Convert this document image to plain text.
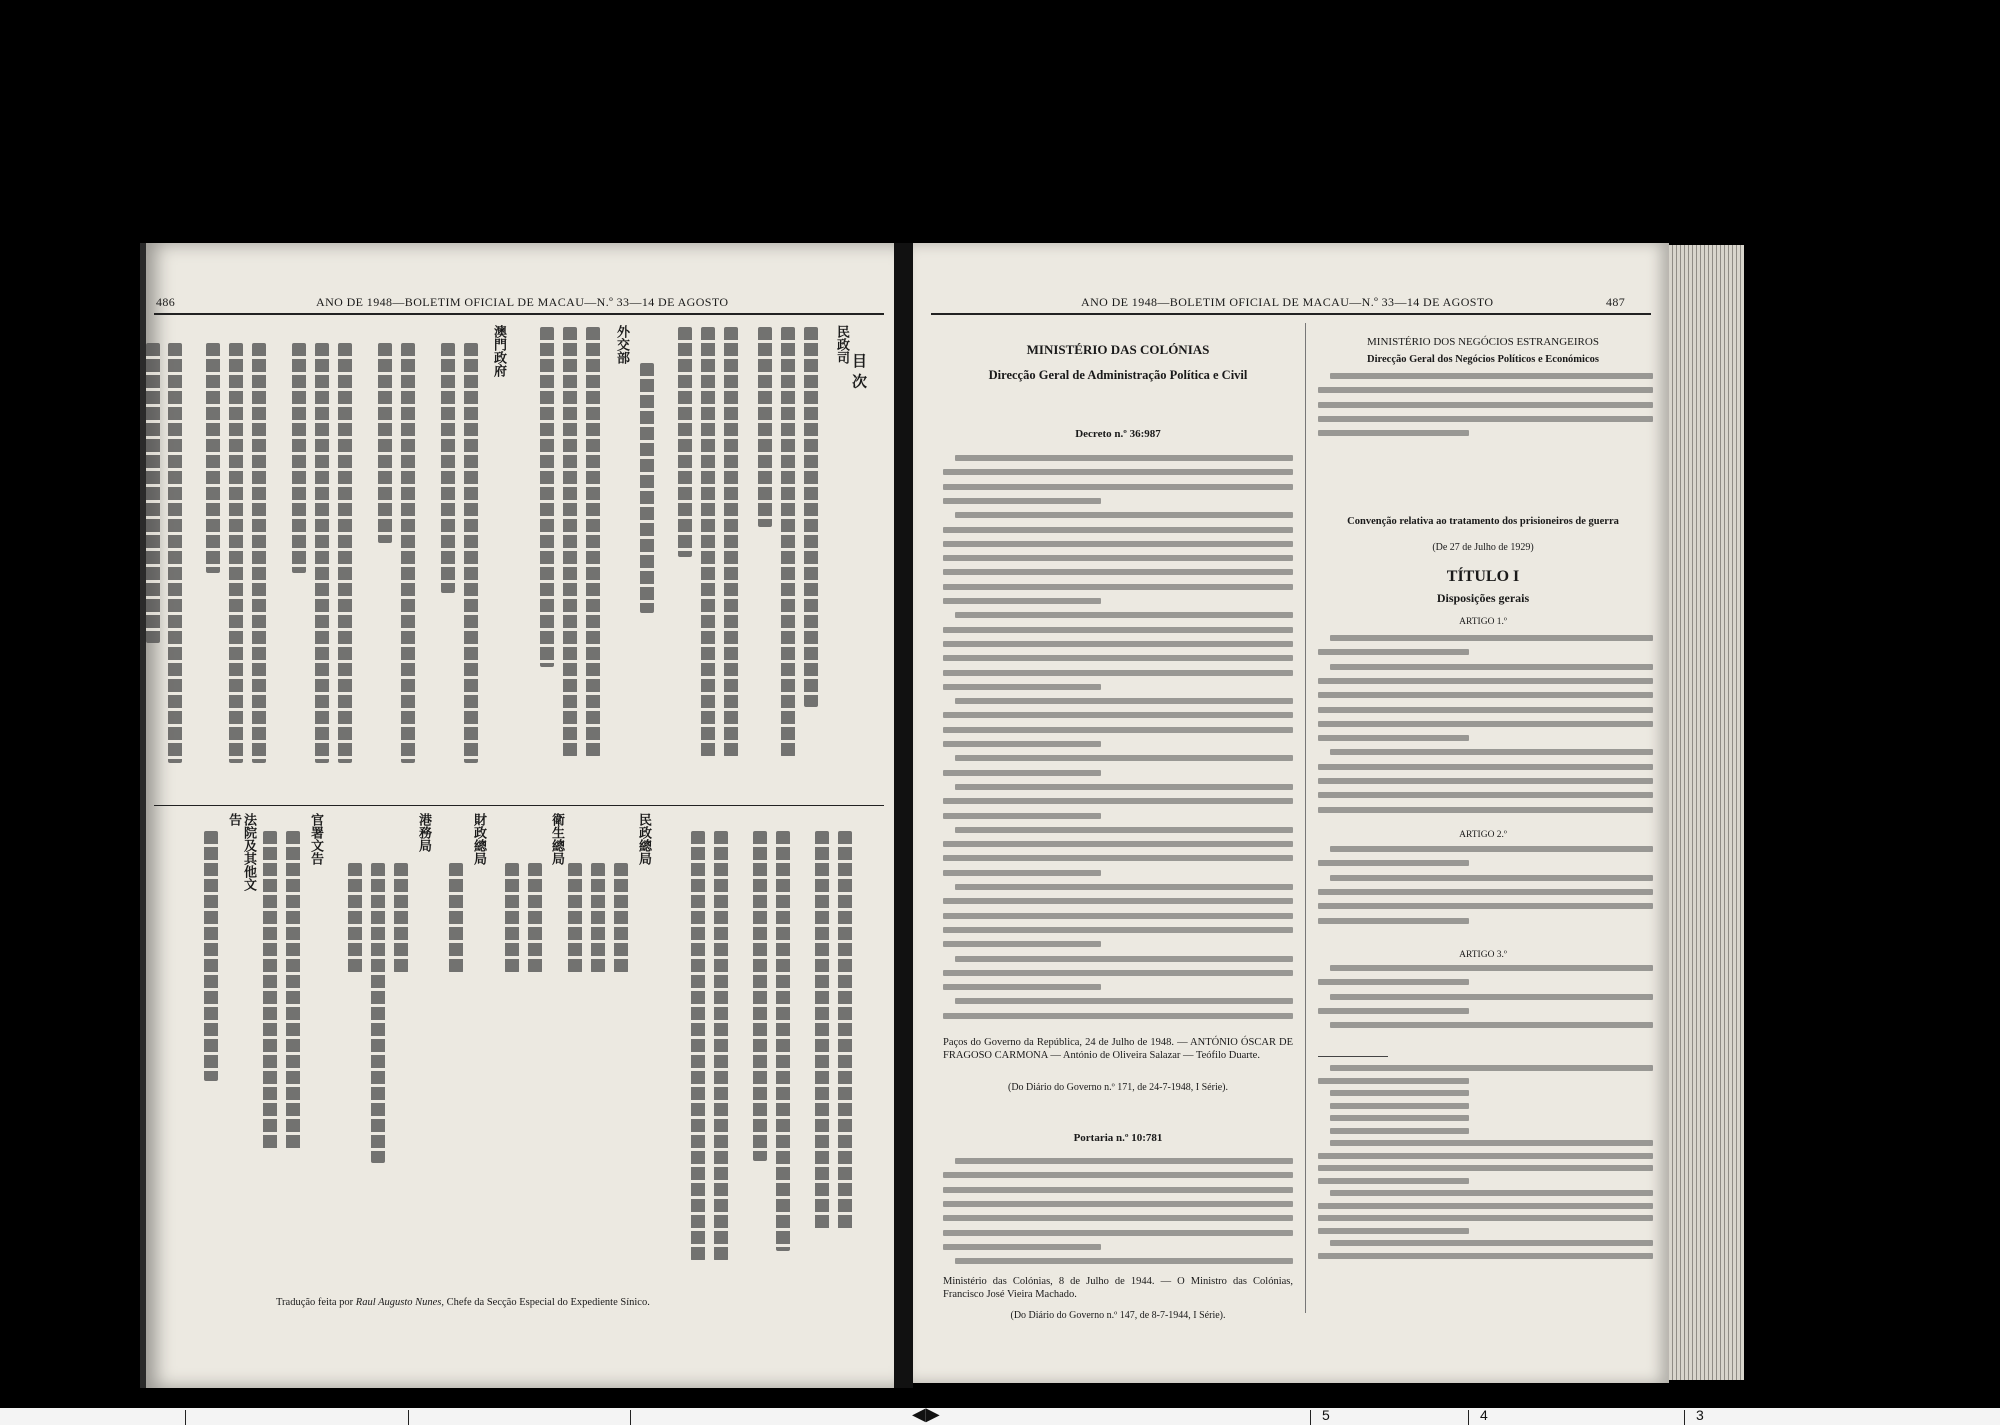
486	ANO DE 1948—BOLETIM OFICIAL DE MACAU—N.º 33—14 DE AGOSTO
目 次
民政司
外交部
澳門政府
民政總局
衛生總局
財政總局
港務局
官署文告
法院及其他文告
Tradução feita por Raul Augusto Nunes, Chefe da Secção Especial do Expediente Sínico.
ANO DE 1948—BOLETIM OFICIAL DE MACAU—N.º 33—14 DE AGOSTO	487
MINISTÉRIO DAS COLÓNIAS
Direcção Geral de Administração Política e Civil
Decreto n.º 36:987
Paços do Governo da República, 24 de Julho de 1948. — ANTÓNIO ÓSCAR DE FRAGOSO CARMONA — António de Oliveira Salazar — Teófilo Duarte.
(Do Diário do Governo n.º 171, de 24-7-1948, I Série).
Portaria n.º 10:781
Ministério das Colónias, 8 de Julho de 1944. — O Ministro das Colónias, Francisco José Vieira Machado.
(Do Diário do Governo n.º 147, de 8-7-1944, I Série).
MINISTÉRIO DOS NEGÓCIOS ESTRANGEIROS
Direcção Geral dos Negócios Políticos e Económicos
Convenção relativa ao tratamento dos prisioneiros de guerra
(De 27 de Julho de 1929)
TÍTULO I
Disposições gerais
ARTIGO 1.º
ARTIGO 2.º
ARTIGO 3.º
◀▶	5	4	3
